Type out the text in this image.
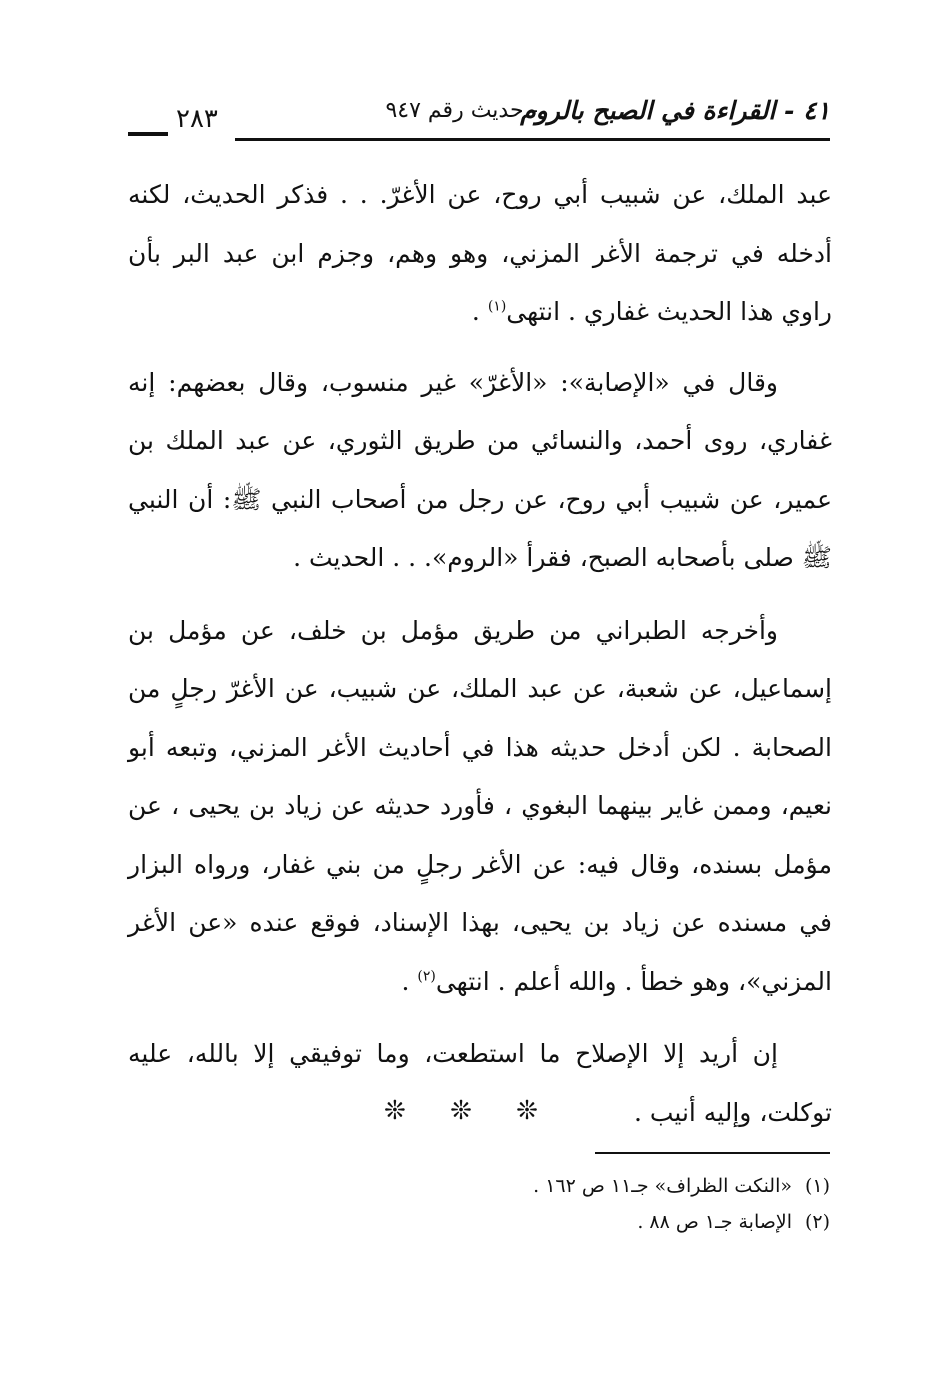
٤١ - القراءة في الصبح بالروم
- حديث رقم ٩٤٧
٢٨٣

عبد الملك، عن شبيب أبي روح، عن الأغرّ. . . فذكر الحديث، لكنه أدخله في ترجمة الأغر المزني، وهو وهم، وجزم ابن عبد البر بأن راوي هذا الحديث غفاري . انتهى$^{(١)}$ .

وقال في «الإصابة»: «الأغرّ» غير منسوب، وقال بعضهم: إنه غفاري، روى أحمد، والنسائي من طريق الثوري، عن عبد الملك بن عمير، عن شبيب أبي روح، عن رجل من أصحاب النبي ﷺ: أن النبي ﷺ صلى بأصحابه الصبح، فقرأ «الروم». . . الحديث .

وأخرجه الطبراني من طريق مؤمل بن خلف، عن مؤمل بن إسماعيل، عن شعبة، عن عبد الملك، عن شبيب، عن الأغرّ رجلٍ من الصحابة . لكن أدخل حديثه هذا في أحاديث الأغر المزني، وتبعه أبو نعيم، وممن غاير بينهما البغوي ، فأورد حديثه عن زياد بن يحيى ، عن مؤمل بسنده، وقال فيه: عن الأغر رجلٍ من بني غفار، ورواه البزار في مسنده عن زياد بن يحيى، بهذا الإسناد، فوقع عنده «عن الأغر المزني»، وهو خطأ . والله أعلم . انتهى$^{(٢)}$ .

إن أريد إلا الإصلاح ما استطعت، وما توفيقي إلا بالله، عليه توكلت، وإليه أنيب .

❊ ❊ ❊
(١)«النكت الظراف» جـ١١ ص ١٦٢ .
(٢)الإصابة جـ١ ص ٨٨ .
